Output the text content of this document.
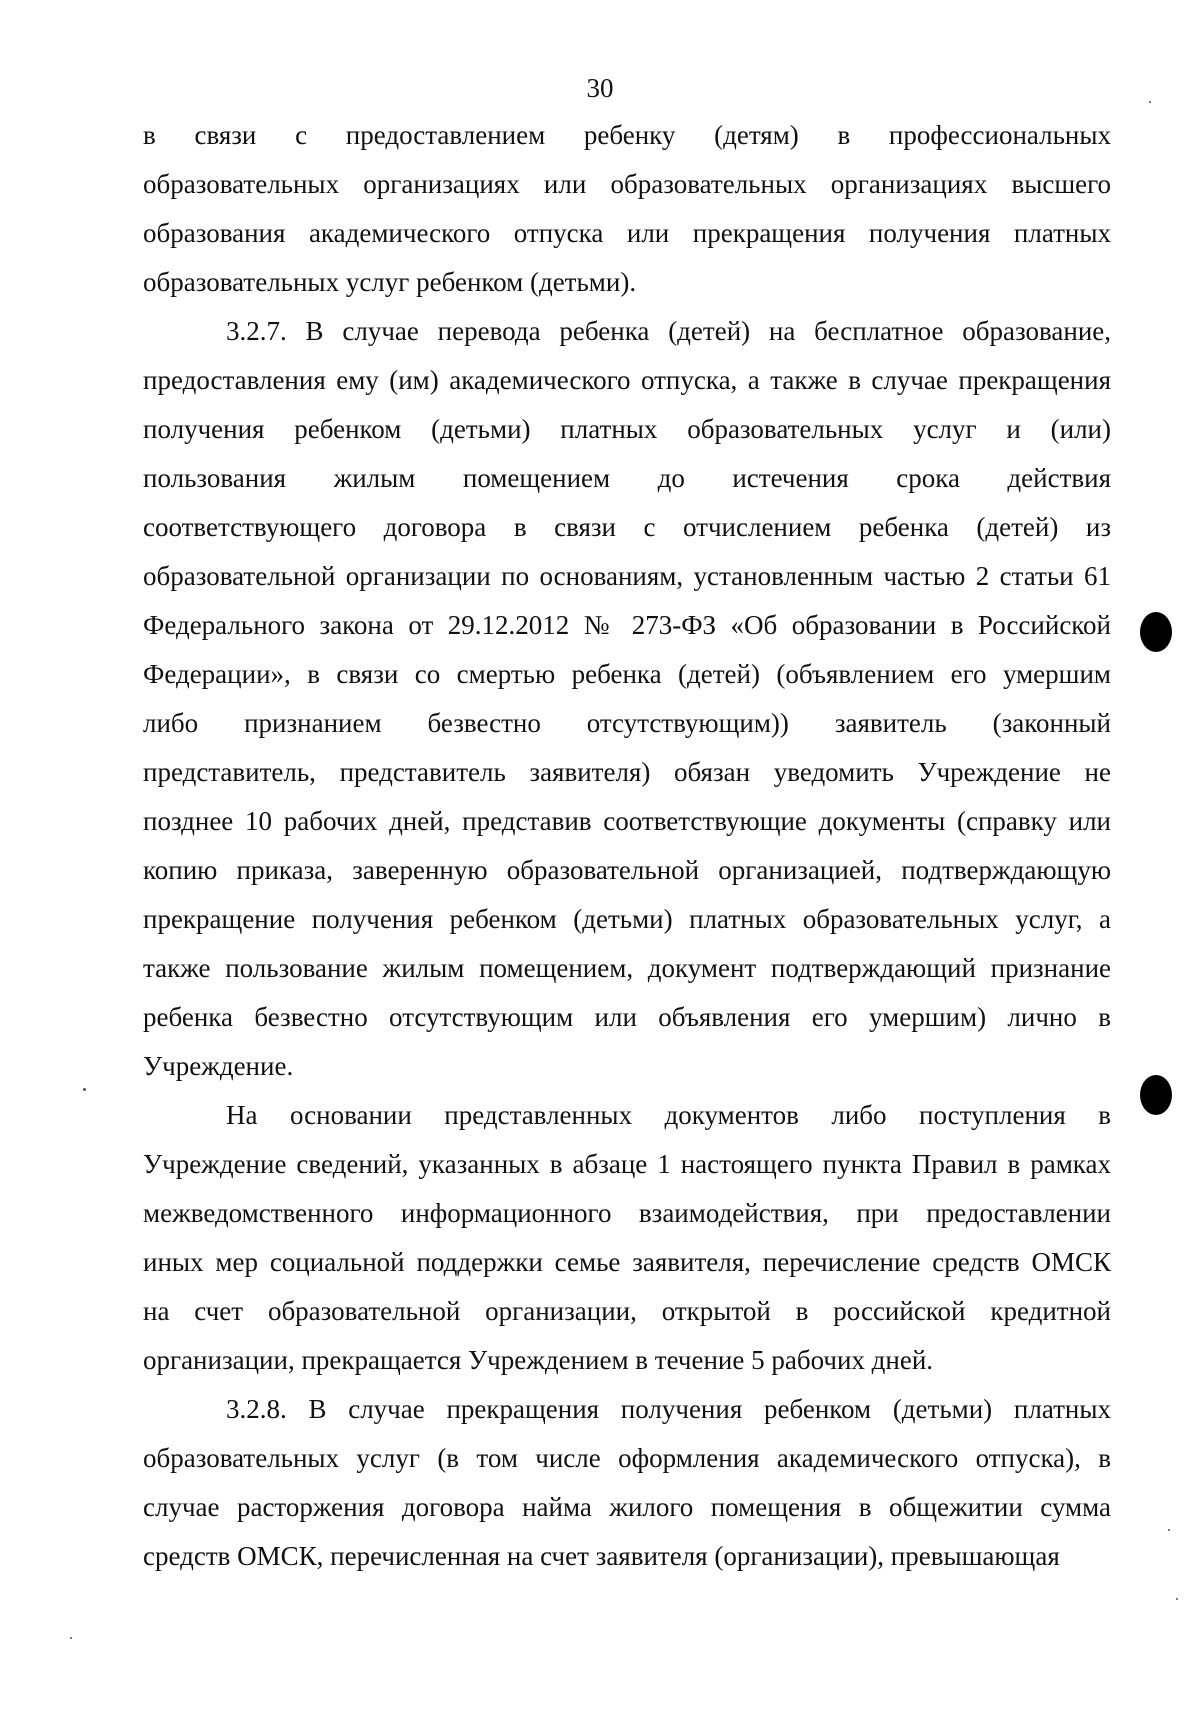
30
в связи с предоставлением ребенку (детям) в профессиональных
образовательных организациях или образовательных организациях высшего
образования академического отпуска или прекращения получения платных
образовательных услуг ребенком (детьми).
3.2.7. В случае перевода ребенка (детей) на бесплатное образование,
предоставления ему (им) академического отпуска, а также в случае прекращения
получения ребенком (детьми) платных образовательных услуг и (или)
пользования жилым помещением до истечения срока действия
соответствующего договора в связи с отчислением ребенка (детей) из
образовательной организации по основаниям, установленным частью 2 статьи 61
Федерального закона от 29.12.2012 № 273-ФЗ «Об образовании в Российской
Федерации», в связи со смертью ребенка (детей) (объявлением его умершим
либо признанием безвестно отсутствующим)) заявитель (законный
представитель, представитель заявителя) обязан уведомить Учреждение не
позднее 10 рабочих дней, представив соответствующие документы (справку или
копию приказа, заверенную образовательной организацией, подтверждающую
прекращение получения ребенком (детьми) платных образовательных услуг, а
также пользование жилым помещением, документ подтверждающий признание
ребенка безвестно отсутствующим или объявления его умершим) лично в
Учреждение.
На основании представленных документов либо поступления в
Учреждение сведений, указанных в абзаце 1 настоящего пункта Правил в рамках
межведомственного информационного взаимодействия, при предоставлении
иных мер социальной поддержки семье заявителя, перечисление средств ОМСК
на счет образовательной организации, открытой в российской кредитной
организации, прекращается Учреждением в течение 5 рабочих дней.
3.2.8. В случае прекращения получения ребенком (детьми) платных
образовательных услуг (в том числе оформления академического отпуска), в
случае расторжения договора найма жилого помещения в общежитии сумма
средств ОМСК, перечисленная на счет заявителя (организации), превышающая
